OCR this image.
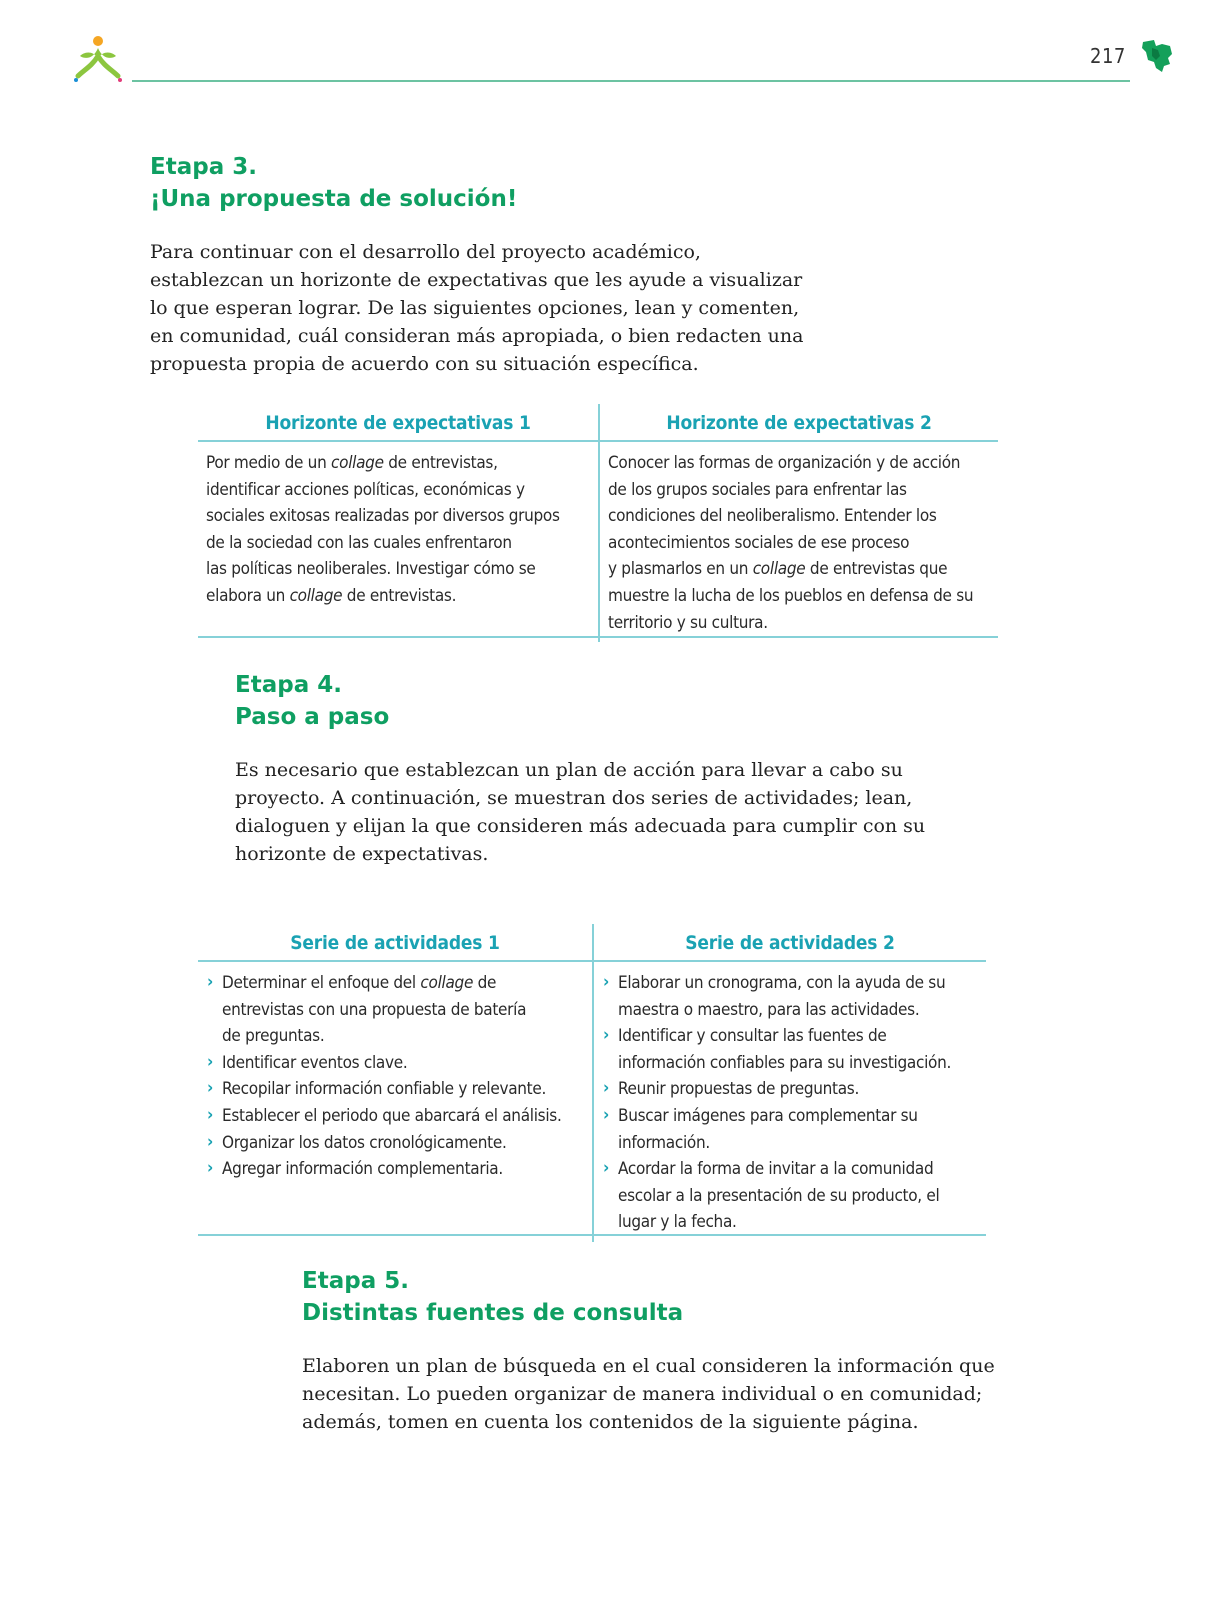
217
Etapa 3.
¡Una propuesta de solución!
Para continuar con el desarrollo del proyecto académico,
establezcan un horizonte de expectativas que les ayude a visualizar
lo que esperan lograr. De las siguientes opciones, lean y comenten,
en comunidad, cuál consideran más apropiada, o bien redacten una
propuesta propia de acuerdo con su situación específica.
Horizonte de expectativas 1
Por medio de un collage de entrevistas,
identificar acciones políticas, económicas y
sociales exitosas realizadas por diversos grupos
de la sociedad con las cuales enfrentaron
las políticas neoliberales. Investigar cómo se
elabora un collage de entrevistas.
Horizonte de expectativas 2
Conocer las formas de organización y de acción
de los grupos sociales para enfrentar las
condiciones del neoliberalismo. Entender los
acontecimientos sociales de ese proceso
y plasmarlos en un collage de entrevistas que
muestre la lucha de los pueblos en defensa de su
territorio y su cultura.
Etapa 4.
Paso a paso
Es necesario que establezcan un plan de acción para llevar a cabo su
proyecto. A continuación, se muestran dos series de actividades; lean,
dialoguen y elijan la que consideren más adecuada para cumplir con su
horizonte de expectativas.
Serie de actividades 1
› Determinar el enfoque del collage de
entrevistas con una propuesta de batería
de preguntas.
› Identificar eventos clave.
› Recopilar información confiable y relevante.
› Establecer el periodo que abarcará el análisis.
› Organizar los datos cronológicamente.
› Agregar información complementaria.
Serie de actividades 2
› Elaborar un cronograma, con la ayuda de su
maestra o maestro, para las actividades.
› Identificar y consultar las fuentes de
información confiables para su investigación.
› Reunir propuestas de preguntas.
› Buscar imágenes para complementar su
información.
› Acordar la forma de invitar a la comunidad
escolar a la presentación de su producto, el
lugar y la fecha.
Etapa 5.
Distintas fuentes de consulta
Elaboren un plan de búsqueda en el cual consideren la información que
necesitan. Lo pueden organizar de manera individual o en comunidad;
además, tomen en cuenta los contenidos de la siguiente página.
